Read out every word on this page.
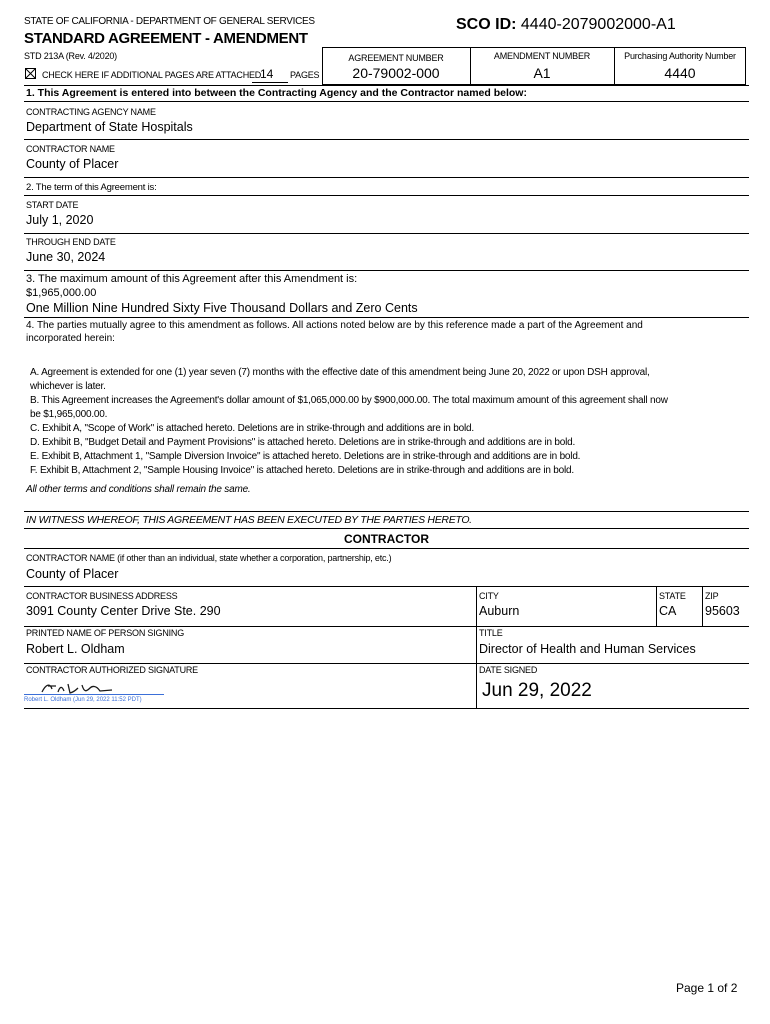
STATE OF CALIFORNIA - DEPARTMENT OF GENERAL SERVICES
STANDARD AGREEMENT - AMENDMENT
SCO ID: 4440-2079002000-A1
STD 213A (Rev. 4/2020)	AGREEMENT NUMBER
20-79002-000
AMENDMENT NUMBER
A1
Purchasing Authority Number
4440
CHECK HERE IF ADDITIONAL PAGES ARE ATTACHED
14 PAGES
1. This Agreement is entered into between the Contracting Agency and the Contractor named below:
CONTRACTING AGENCY NAME
Department of State Hospitals
CONTRACTOR NAME
County of Placer
2. The term of this Agreement is:
START DATE
July 1, 2020
THROUGH END DATE
June 30, 2024
3. The maximum amount of this Agreement after this Amendment is:
$1,965,000.00
One Million Nine Hundred Sixty Five Thousand Dollars and Zero Cents
4. The parties mutually agree to this amendment as follows. All actions noted below are by this reference made a part of the Agreement and
incorporated herein:
A. Agreement is extended for one (1) year seven (7) months with the effective date of this amendment being June 20, 2022 or upon DSH approval,
whichever is later.
B. This Agreement increases the Agreement's dollar amount of $1,065,000.00 by $900,000.00. The total maximum amount of this agreement shall now
be $1,965,000.00.
C. Exhibit A, "Scope of Work" is attached hereto. Deletions are in strike-through and additions are in bold.
D. Exhibit B, "Budget Detail and Payment Provisions" is attached hereto. Deletions are in strike-through and additions are in bold.
E. Exhibit B, Attachment 1, "Sample Diversion Invoice" is attached hereto. Deletions are in strike-through and additions are in bold.
F. Exhibit B, Attachment 2, "Sample Housing Invoice" is attached hereto. Deletions are in strike-through and additions are in bold.
All other terms and conditions shall remain the same.
IN WITNESS WHEREOF, THIS AGREEMENT HAS BEEN EXECUTED BY THE PARTIES HERETO.
CONTRACTOR
CONTRACTOR NAME (if other than an individual, state whether a corporation, partnership, etc.)
County of Placer
CONTRACTOR BUSINESS ADDRESS
3091 County Center Drive Ste. 290
CITY
Auburn
STATE
CA
ZIP
95603
PRINTED NAME OF PERSON SIGNING
Robert L. Oldham
TITLE
Director of Health and Human Services
CONTRACTOR AUTHORIZED SIGNATURE	DATE SIGNED
Jun 29, 2022
Robert L. Oldham (Jun 29, 2022 11:52 PDT)
Page 1 of 2
